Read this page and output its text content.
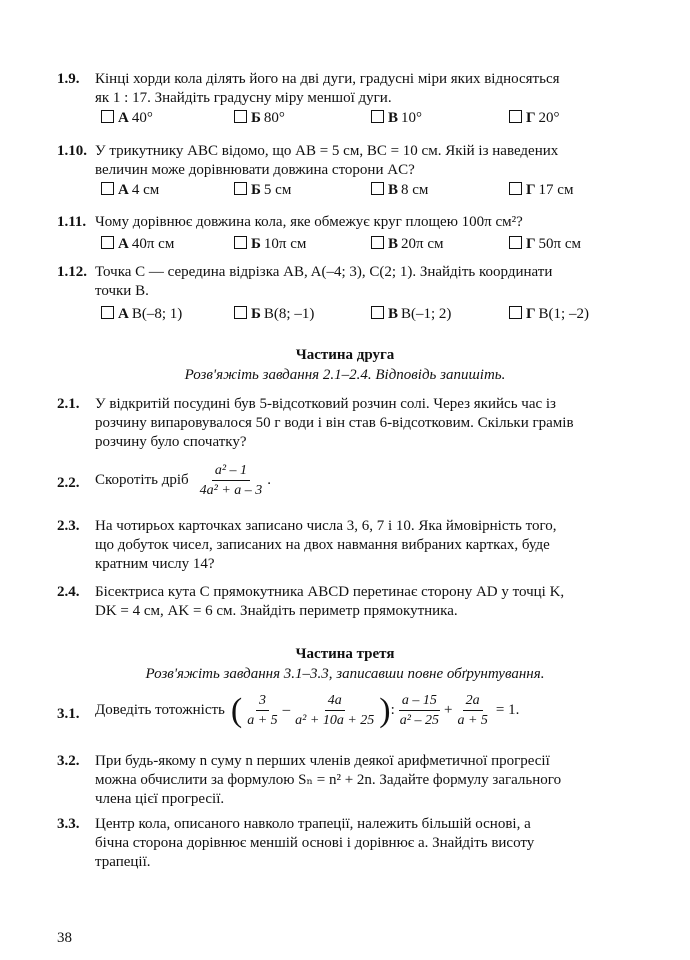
1.9. Кінці хорди кола ділять його на дві дуги, градусні міри яких відносяться
як 1 : 17. Знайдіть градусну міру меншої дуги.
А 40°	Б 80°	В 10°	Г 20°
1.10. У трикутнику ABC відомо, що AB = 5 см, BC = 10 см. Якій із наведених
величин може дорівнювати довжина сторони AC?
А 4 см	Б 5 см	В 8 см	Г 17 см
1.11. Чому дорівнює довжина кола, яке обмежує круг площею 100π см²?
А 40π см	Б 10π см	В 20π см	Г 50π см
1.12. Точка C — середина відрізка AB, A(–4; 3), C(2; 1). Знайдіть координати
точки B.
А B(–8; 1)	Б B(8; –1)	В B(–1; 2)	Г B(1; –2)
Частина друга
Розв'яжіть завдання 2.1–2.4. Відповідь запишіть.
2.1. У відкритій посудині був 5-відсотковий розчин солі. Через якийсь час із
розчину випаровувалося 50 г води і він став 6-відсотковим. Скільки грамів
розчину було спочатку?
2.2. Скоротіть дріб $\frac{\text{a² – 1}}{\text{4a² + a – 3}}$ .
2.3. На чотирьох карточках записано числа 3, 6, 7 і 10. Яка ймовірність того,
що добуток чисел, записаних на двох навмання вибраних картках, буде
кратним числу 14?
2.4. Бісектриса кута C прямокутника ABCD перетинає сторону AD у точці K,
DK = 4 см, AK = 6 см. Знайдіть периметр прямокутника.
Частина третя
Розв'яжіть завдання 3.1–3.3, записавши повне обґрунтування.
3.1. Доведіть тотожність ( $\frac{3}{a + 5} - \frac{4a}{\text{a² + 10a + 25}}$ ) : $\frac{a - 15}{\text{a² – 25}} + \frac{2a}{a + 5} = 1$.
3.2. При будь-якому n суму n перших членів деякої арифметичної прогресії
можна обчислити за формулою Sₙ = n² + 2n. Задайте формулу загального
члена цієї прогресії.
3.3. Центр кола, описаного навколо трапеції, належить більшій основі, а
бічна сторона дорівнює меншій основі і дорівнює a. Знайдіть висоту
трапеції.
38
